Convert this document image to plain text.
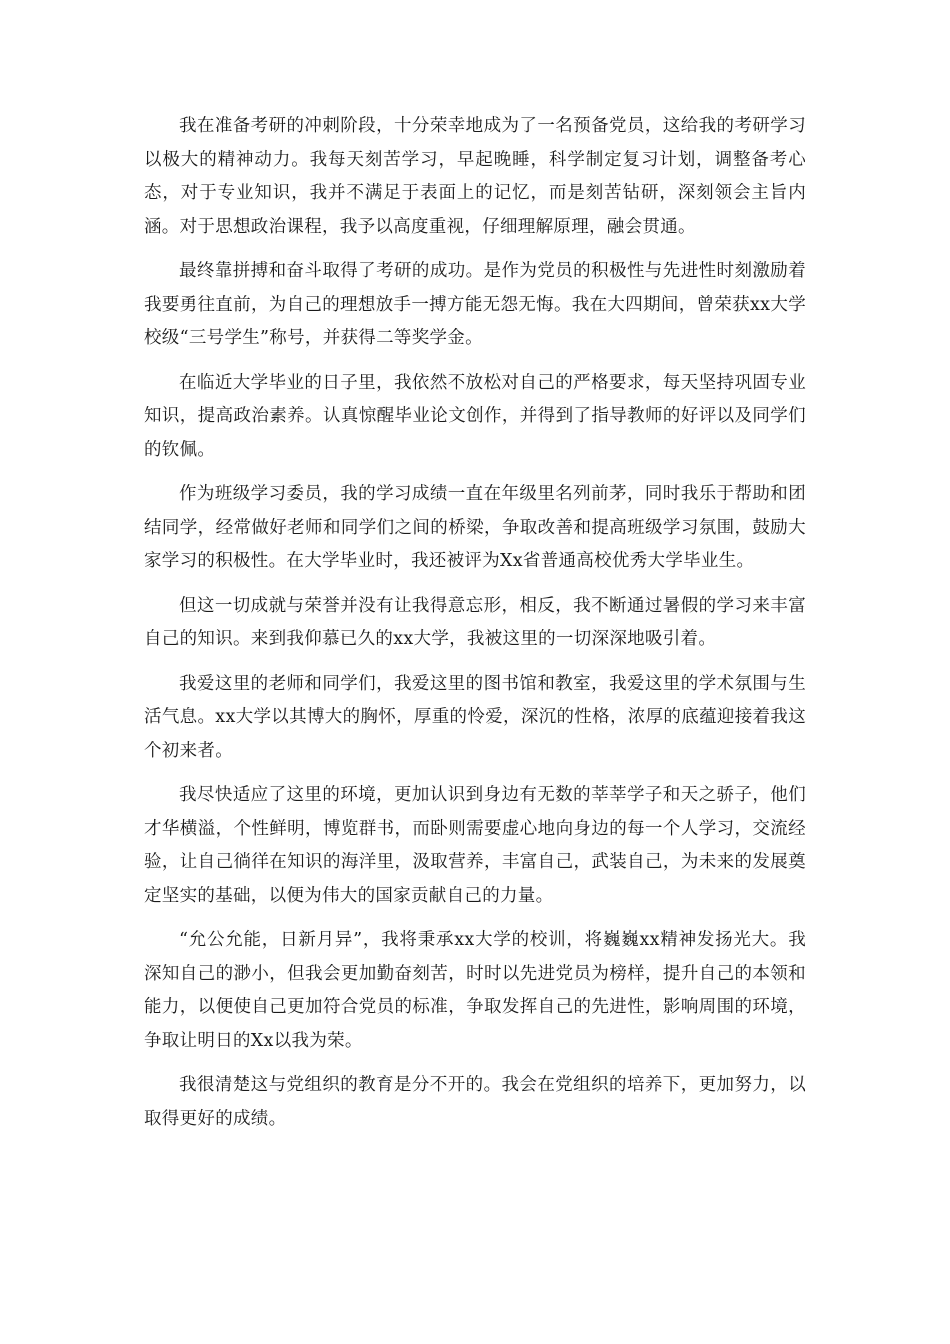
我在准备考研的冲刺阶段，十分荣幸地成为了一名预备党员，这给我的考研学习以极大的精神动力。我每天刻苦学习，早起晚睡，科学制定复习计划，调整备考心态，对于专业知识，我并不满足于表面上的记忆，而是刻苦钻研，深刻领会主旨内涵。对于思想政治课程，我予以高度重视，仔细理解原理，融会贯通。

最终靠拼搏和奋斗取得了考研的成功。是作为党员的积极性与先进性时刻激励着我要勇往直前，为自己的理想放手一搏方能无怨无悔。我在大四期间，曾荣获xx大学校级“三号学生”称号，并获得二等奖学金。

在临近大学毕业的日子里，我依然不放松对自己的严格要求，每天坚持巩固专业知识，提高政治素养。认真惊醒毕业论文创作，并得到了指导教师的好评以及同学们的钦佩。

作为班级学习委员，我的学习成绩一直在年级里名列前茅，同时我乐于帮助和团结同学，经常做好老师和同学们之间的桥梁，争取改善和提高班级学习氛围，鼓励大家学习的积极性。在大学毕业时，我还被评为Xx省普通高校优秀大学毕业生。

但这一切成就与荣誉并没有让我得意忘形，相反，我不断通过暑假的学习来丰富自己的知识。来到我仰慕已久的xx大学，我被这里的一切深深地吸引着。

我爱这里的老师和同学们，我爱这里的图书馆和教室，我爱这里的学术氛围与生活气息。xx大学以其博大的胸怀，厚重的怜爱，深沉的性格，浓厚的底蕴迎接着我这个初来者。

我尽快适应了这里的环境，更加认识到身边有无数的莘莘学子和天之骄子，他们才华横溢，个性鲜明，博览群书，而卧则需要虚心地向身边的每一个人学习，交流经验，让自己徜徉在知识的海洋里，汲取营养，丰富自己，武装自己，为未来的发展奠定坚实的基础，以便为伟大的国家贡献自己的力量。

“允公允能，日新月异”，我将秉承xx大学的校训，将巍巍xx精神发扬光大。我深知自己的渺小，但我会更加勤奋刻苦，时时以先进党员为榜样，提升自己的本领和能力，以便使自己更加符合党员的标准，争取发挥自己的先进性，影响周围的环境，争取让明日的Xx以我为荣。

我很清楚这与党组织的教育是分不开的。我会在党组织的培养下，更加努力，以取得更好的成绩。
